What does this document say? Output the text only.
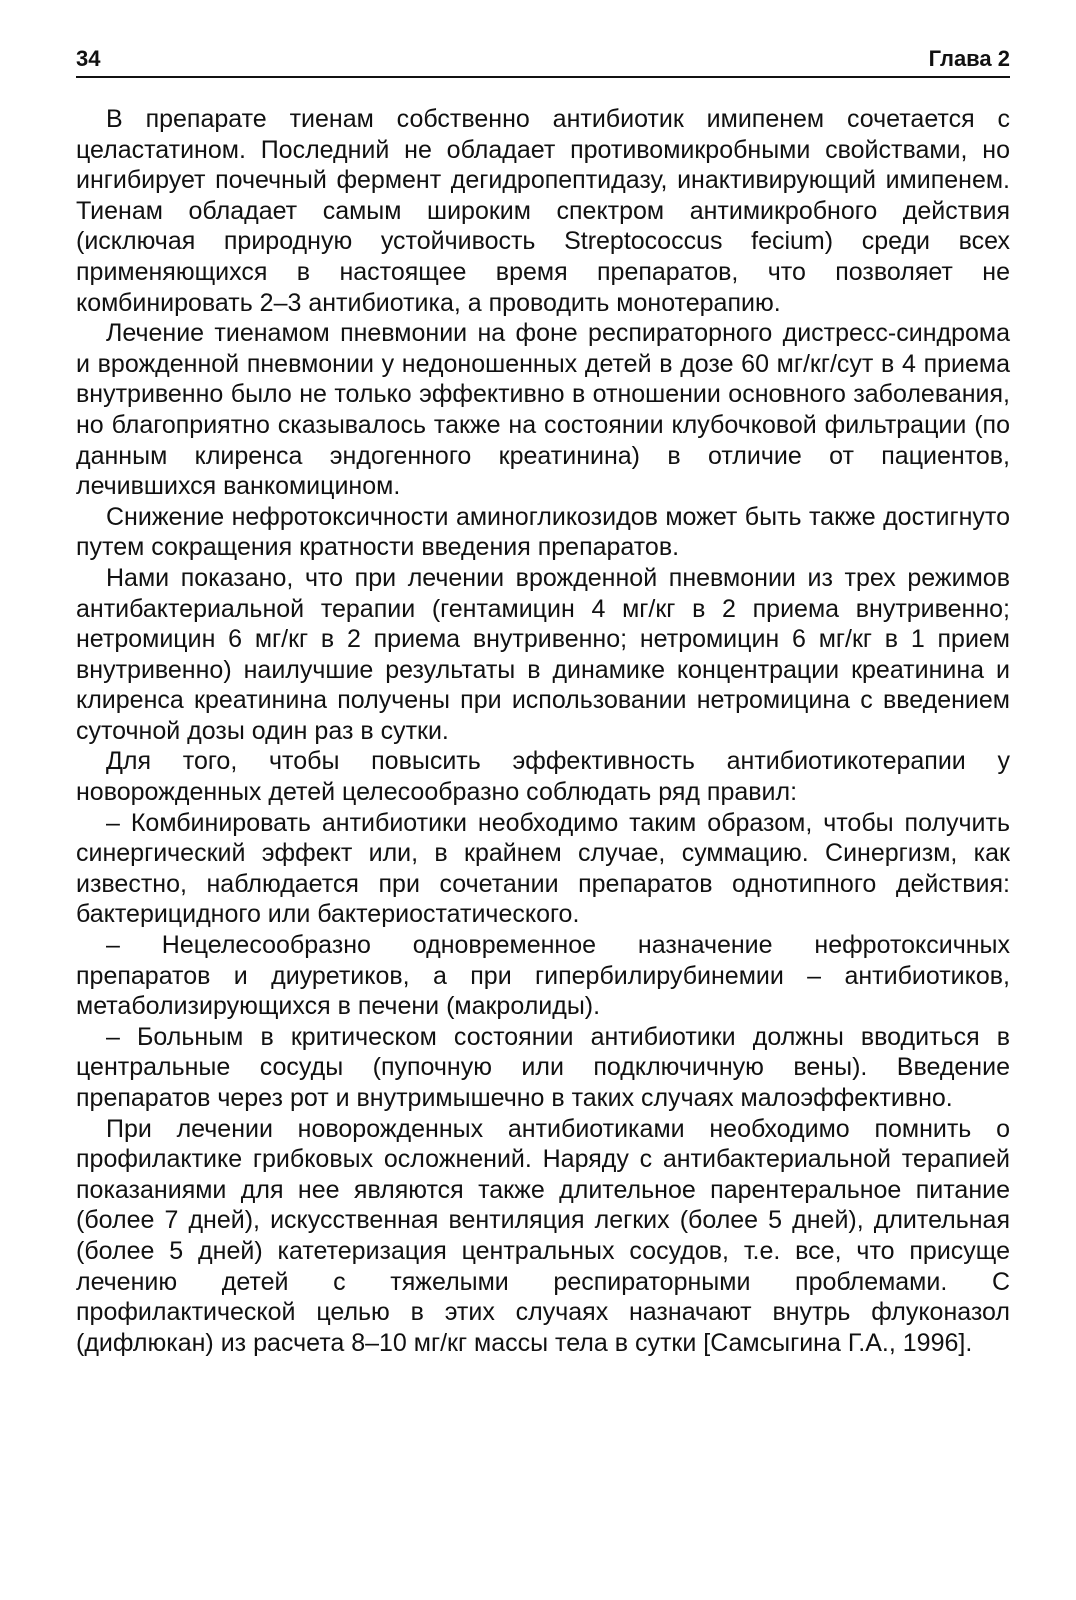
34	Глава 2

В препарате тиенам собственно антибиотик имипенем сочетается с целастатином. Последний не обладает противомикробными свойствами, но ингибирует почечный фермент дегидропептидазу, инактивирующий имипенем. Тиенам обладает самым широким спектром антимикробного действия (исключая природную устойчивость Streptococcus fecium) среди всех применяющихся в настоящее время препаратов, что позволяет не комбинировать 2–3 антибиотика, а проводить монотерапию.

Лечение тиенамом пневмонии на фоне респираторного дистресс-синдрома и врожденной пневмонии у недоношенных детей в дозе 60 мг/кг/сут в 4 приема внутривенно было не только эффективно в отношении основного заболевания, но благоприятно сказывалось также на состоянии клубочковой фильтрации (по данным клиренса эндогенного креатинина) в отличие от пациентов, лечившихся ванкомицином.

Снижение нефротоксичности аминогликозидов может быть также достигнуто путем сокращения кратности введения препаратов.

Нами показано, что при лечении врожденной пневмонии из трех режимов антибактериальной терапии (гентамицин 4 мг/кг в 2 приема внутривенно; нетромицин 6 мг/кг в 2 приема внутривенно; нетромицин 6 мг/кг в 1 прием внутривенно) наилучшие результаты в динамике концентрации креатинина и клиренса креатинина получены при использовании нетромицина с введением суточной дозы один раз в сутки.

Для того, чтобы повысить эффективность антибиотикотерапии у новорожденных детей целесообразно соблюдать ряд правил:

– Комбинировать антибиотики необходимо таким образом, чтобы получить синергический эффект или, в крайнем случае, суммацию. Синергизм, как известно, наблюдается при сочетании препаратов однотипного действия: бактерицидного или бактериостатического.

– Нецелесообразно одновременное назначение нефротоксичных препаратов и диуретиков, а при гипербилирубинемии – антибиотиков, метаболизирующихся в печени (макролиды).

– Больным в критическом состоянии антибиотики должны вводиться в центральные сосуды (пупочную или подключичную вены). Введение препаратов через рот и внутримышечно в таких случаях малоэффективно.

При лечении новорожденных антибиотиками необходимо помнить о профилактике грибковых осложнений. Наряду с антибактериальной терапией показаниями для нее являются также длительное парентеральное питание (более 7 дней), искусственная вентиляция легких (более 5 дней), длительная (более 5 дней) катетеризация центральных сосудов, т.е. все, что присуще лечению детей с тяжелыми респираторными проблемами. С профилактической целью в этих случаях назначают внутрь флуконазол (дифлюкан) из расчета 8–10 мг/кг массы тела в сутки [Самсыгина Г.А., 1996].
